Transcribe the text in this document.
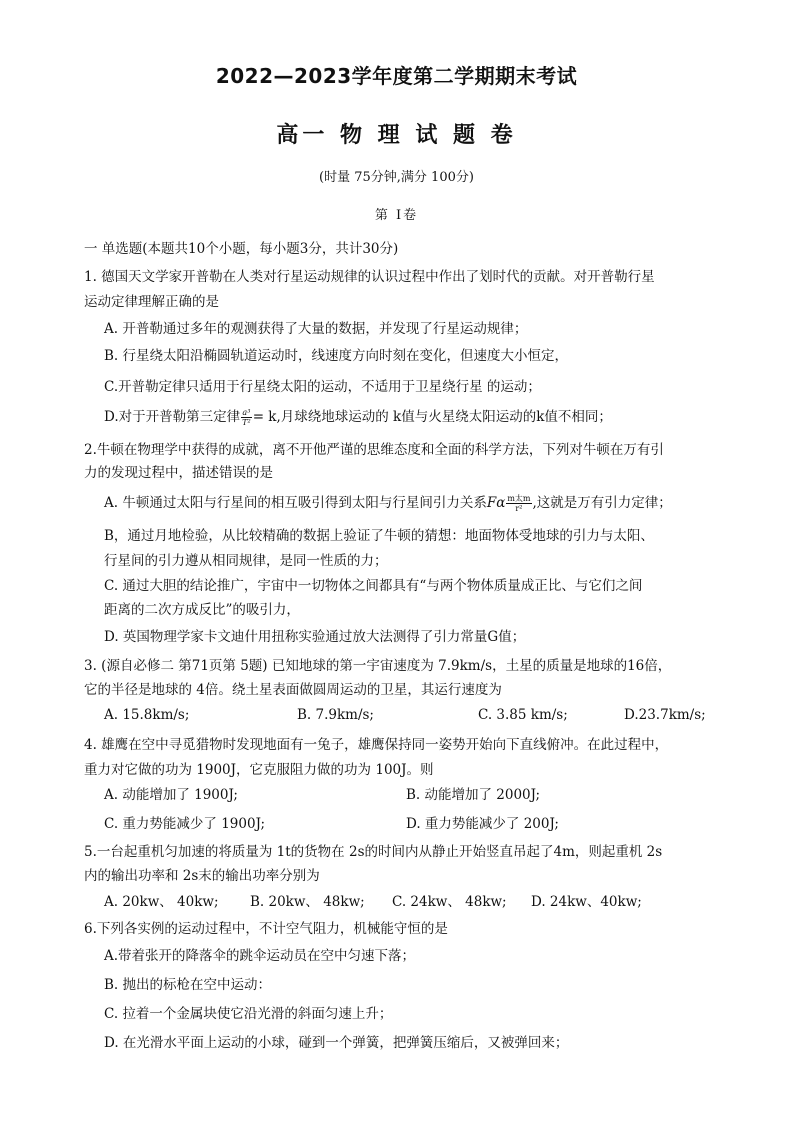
2022—2023学年度第二学期期末考试
高一 物 理 试 题 卷
(时量 75分钟,满分 100分)
第 I卷
一 单选题(本题共10个小题，每小题3分，共计30分)
1. 德国天文学家开普勒在人类对行星运动规律的认识过程中作出了划时代的贡献。对开普勒行星
运动定律理解正确的是
A. 开普勒通过多年的观测获得了大量的数据，并发现了行星运动规律；
B. 行星绕太阳沿椭圆轨道运动时，线速度方向时刻在变化，但速度大小恒定，
C.开普勒定律只适用于行星绕太阳的运动，不适用于卫星绕行星 的运动；
D.对于开普勒第三定律 $\frac{\text{a³}}{\text{T²}} = k$,月球绕地球运动的 k值与火星绕太阳运动的k值不相同；
2.牛顿在物理学中获得的成就，离不开他严谨的思维态度和全面的科学方法，下列对牛顿在万有引
力的发现过程中，描述错误的是
A. 牛顿通过太阳与行星间的相互吸引得到太阳与行星间引力关系Fα $\frac{\text{m太m}}{\text{r²}}$ ,这就是万有引力定律；
B，通过月地检验，从比较精确的数据上验证了牛顿的猜想：地面物体受地球的引力与太阳、
行星间的引力遵从相同规律，是同一性质的力；
C. 通过大胆的结论推广，宇宙中一切物体之间都具有“与两个物体质量成正比、与它们之间
距离的二次方成反比”的吸引力，
D. 英国物理学家卡文迪什用扭称实验通过放大法测得了引力常量G值；
3. (源自必修二 第71页第 5题) 已知地球的第一宇宙速度为 7.9km/s，土星的质量是地球的16倍，
它的半径是地球的 4倍。绕土星表面做圆周运动的卫星，其运行速度为
A. 15.8km/s;	B. 7.9km/s;	C. 3.85 km/s;	D.23.7km/s;
4. 雄鹰在空中寻觅猎物时发现地面有一兔子，雄鹰保持同一姿势开始向下直线俯冲。在此过程中，
重力对它做的功为 1900J，它克服阻力做的功为 100J。则
A. 动能增加了 1900J;	B. 动能增加了 2000J;
C. 重力势能减少了 1900J;	D. 重力势能减少了 200J;
5.一台起重机匀加速的将质量为 1t的货物在 2s的时间内从静止开始竖直吊起了4m，则起重机 2s
内的输出功率和 2s末的输出功率分别为
A. 20kw、 40kw; B. 20kw、 48kw; C. 24kw、 48kw; D. 24kw、40kw;
6.下列各实例的运动过程中，不计空气阻力，机械能守恒的是
A.带着张开的降落伞的跳伞运动员在空中匀速下落；
B. 抛出的标枪在空中运动：
C. 拉着一个金属块使它沿光滑的斜面匀速上升；
D. 在光滑水平面上运动的小球，碰到一个弹簧，把弹簧压缩后，又被弹回来；
